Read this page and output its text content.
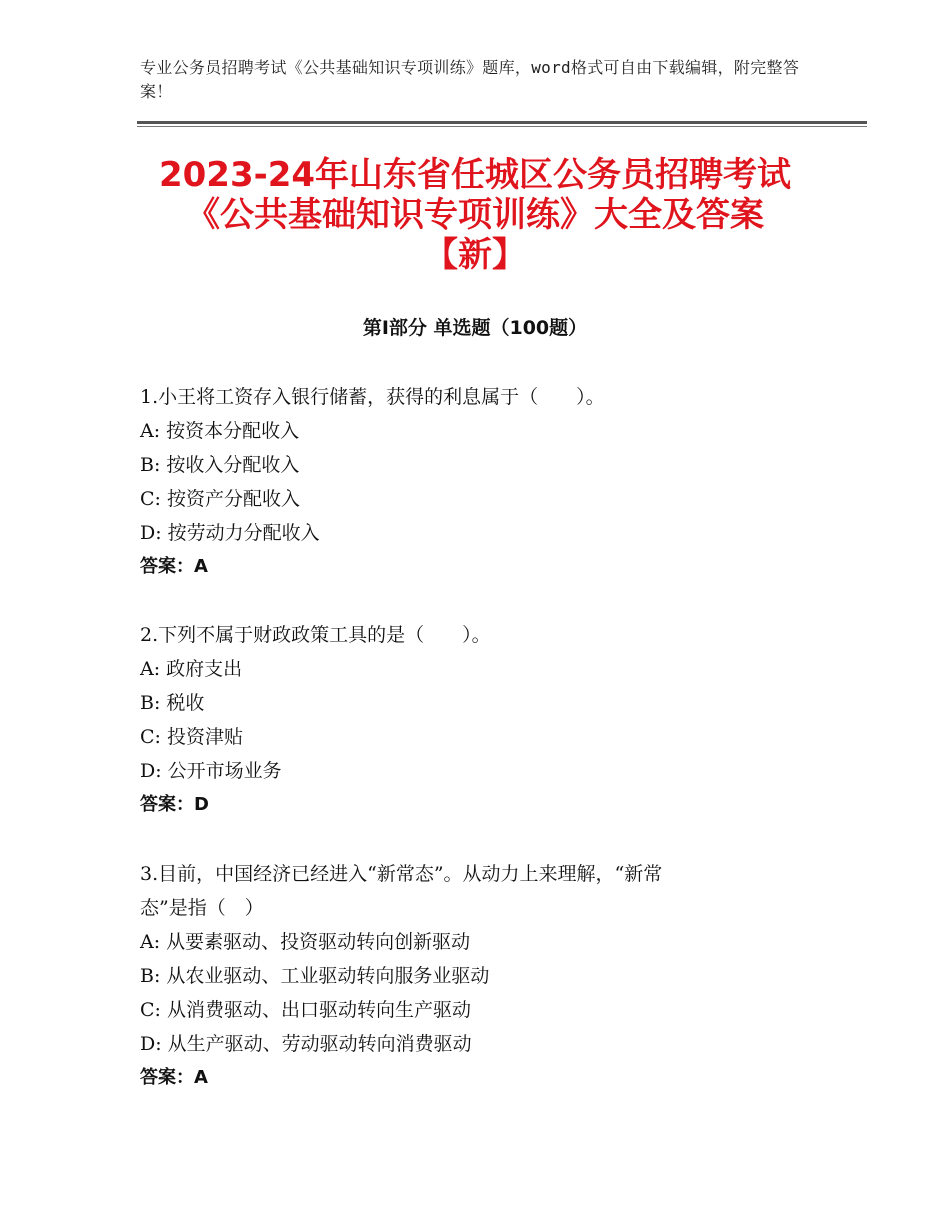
专业公务员招聘考试《公共基础知识专项训练》题库，word格式可自由下载编辑，附完整答案！
2023-24年山东省任城区公务员招聘考试
《公共基础知识专项训练》大全及答案
【新】
第Ⅰ部分 单选题（100题）

1.小王将工资存入银行储蓄，获得的利息属于（　　）。

A: 按资本分配收入

B: 按收入分配收入

C: 按资产分配收入

D: 按劳动力分配收入

答案：A

2.下列不属于财政政策工具的是（　　）。

A: 政府支出

B: 税收

C: 投资津贴

D: 公开市场业务

答案：D

3.目前，中国经济已经进入“新常态”。从动力上来理解，“新常

态”是指（　）

A: 从要素驱动、投资驱动转向创新驱动

B: 从农业驱动、工业驱动转向服务业驱动

C: 从消费驱动、出口驱动转向生产驱动

D: 从生产驱动、劳动驱动转向消费驱动

答案：A
